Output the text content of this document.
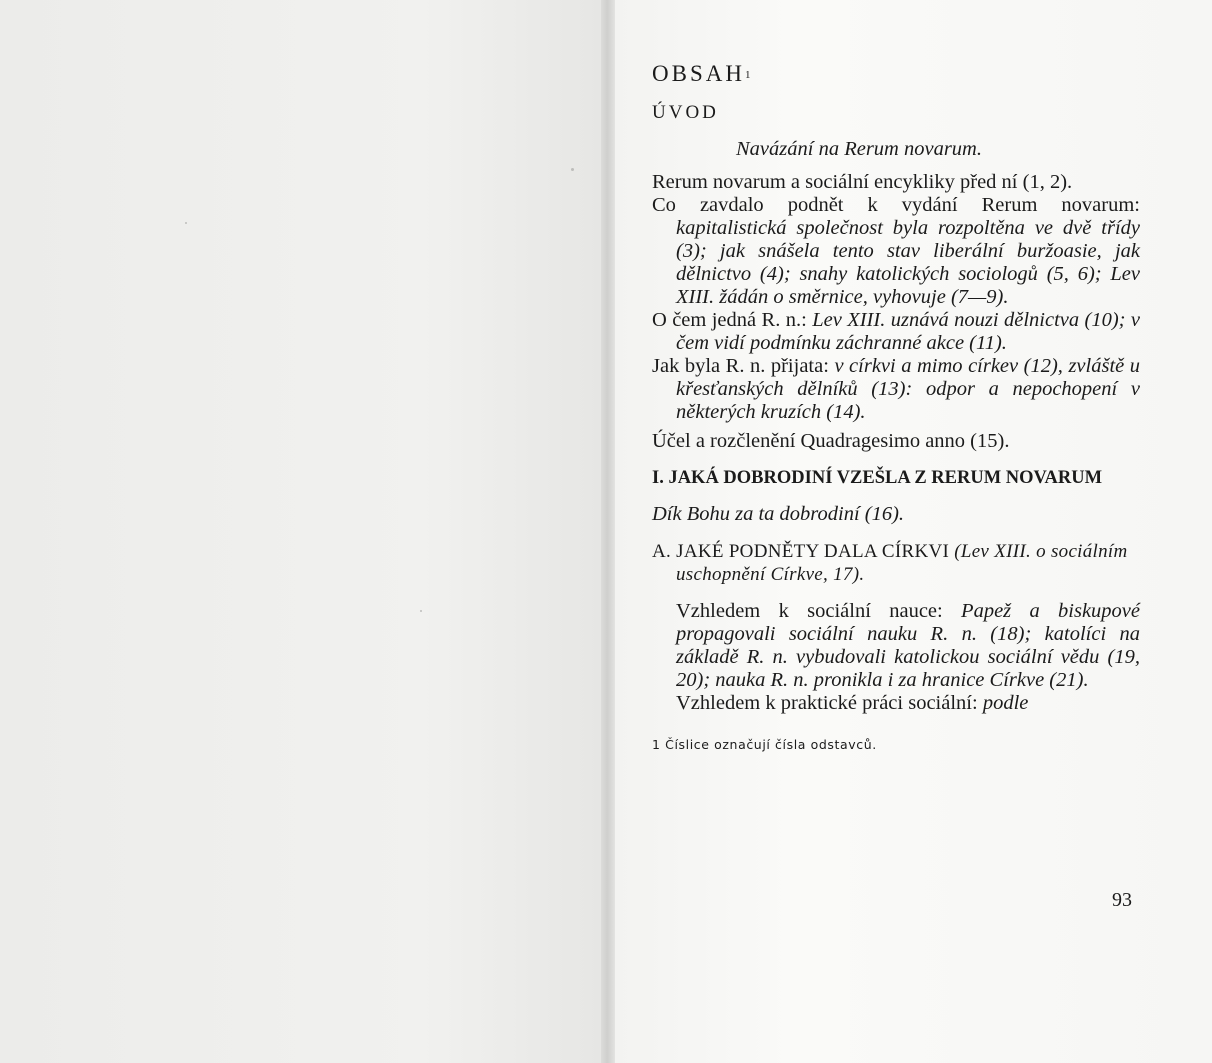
OBSAH$^1$
ÚVOD
Navázání na Rerum novarum.

Rerum novarum a sociální encykliky před ní (1, 2).

Co zavdalo podnět k vydání Rerum novarum: kapitalistická společnost byla rozpoltěna ve dvě třídy (3); jak snášela tento stav liberální buržoasie, jak dělnictvo (4); snahy katolických sociologů (5, 6); Lev XIII. žádán o směrnice, vyhovuje (7—9).

O čem jedná R. n.: Lev XIII. uznává nouzi dělnictva (10); v čem vidí podmínku záchranné akce (11).

Jak byla R. n. přijata: v církvi a mimo církev (12), zvláště u křesťanských dělníků (13): odpor a nepochopení v některých kruzích (14).

Účel a rozčlenění Quadragesimo anno (15).

I. JAKÁ DOBRODINÍ VZEŠLA Z RERUM NOVARUM

Dík Bohu za ta dobrodiní (16).

A. JAKÉ PODNĚTY DALA CÍRKVI (Lev XIII. o sociálním uschopnění Církve, 17).

Vzhledem k sociální nauce: Papež a biskupové propagovali sociální nauku R. n. (18); katolíci na základě R. n. vybudovali katolickou sociální vědu (19, 20); nauka R. n. pronikla i za hranice Církve (21).

Vzhledem k praktické práci sociální: podle

1 Číslice označují čísla odstavců.

93
